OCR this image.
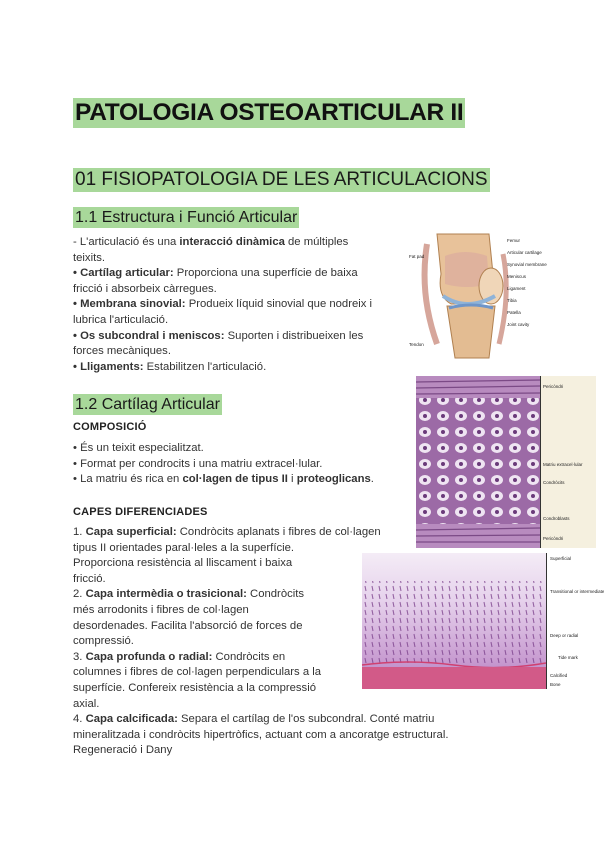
PATOLOGIA OSTEOARTICULAR II
01 FISIOPATOLOGIA DE LES ARTICULACIONS
1.1 Estructura i Funció Articular

- L'articulació és una interacció dinàmica de múltiples

teixits.

• Cartílag articular: Proporciona una superfície de baixa

fricció i absorbeix càrregues.

• Membrana sinovial: Produeix líquid sinovial que nodreix i

lubrica l'articulació.

• Os subcondral i meniscos: Suporten i distribueixen les

forces mecàniques.

• Lligaments: Estabilitzen l'articulació.

1.2 Cartílag Articular
COMPOSICIÓ

• És un teixit especialitzat.

• Format per condrocits i una matriu extracel·lular.

• La matriu és rica en col·lagen de tipus II i proteoglicans.

CAPES DIFERENCIADES

1. Capa superficial: Condròcits aplanats i fibres de col·lagen

tipus II orientades paral·leles a la superfície.

Proporciona resistència al lliscament i baixa

fricció.

2. Capa intermèdia o trasicional: Condròcits

més arrodonits i fibres de col·lagen

desordenades. Facilita l'absorció de forces de

compressió.

3. Capa profunda o radial: Condròcits en

columnes i fibres de col·lagen perpendiculars a la

superfície. Confereix resistència a la compressió

axial.

4. Capa calcificada: Separa el cartílag de l'os subcondral. Conté matriu

mineralitzada i condròcits hipertròfics, actuant com a ancoratge estructural.

Regeneració i Dany

Femur
Articular cartilage
Synovial membrane
Meniscus
Ligament
Tibia
Patella
Joint cavity
Fat pad
Tendon
Pericòndri
Matriu extracel·lular
Condròcits
Condroblasts
Pericòndri
Superficial
Transitional or intermediate
Deep or radial
Tide mark
Calcified
Bone
